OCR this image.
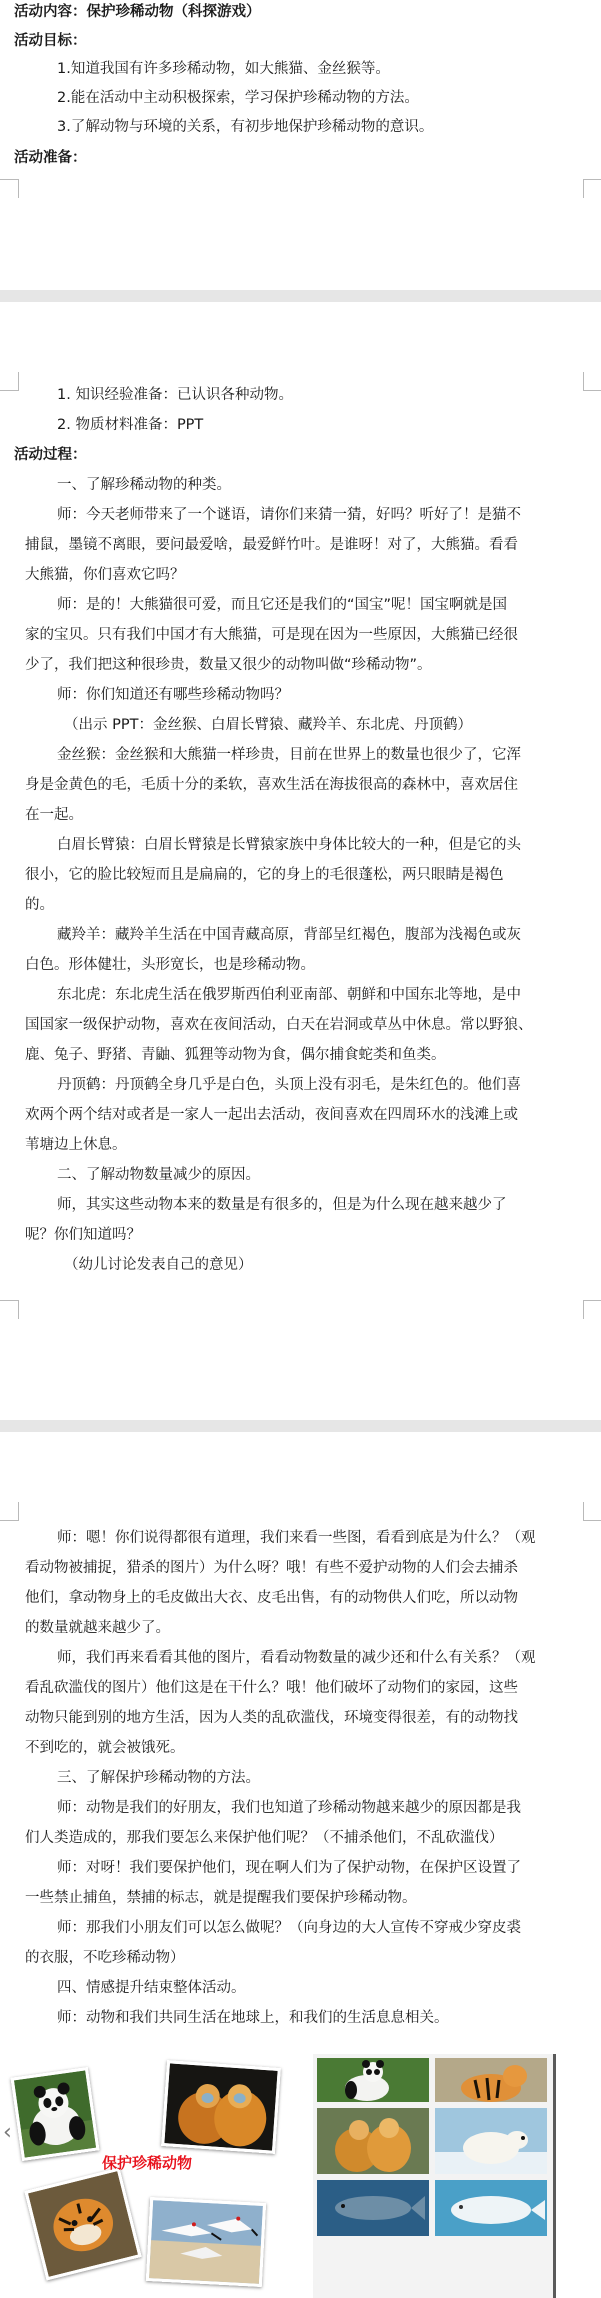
活动内容：保护珍稀动物（科探游戏）
活动目标：
1.知道我国有许多珍稀动物，如大熊猫、金丝猴等。
2.能在活动中主动积极探索，学习保护珍稀动物的方法。
3.了解动物与环境的关系，有初步地保护珍稀动物的意识。
活动准备：
1. 知识经验准备：已认识各种动物。
2. 物质材料准备：PPT
活动过程：
一、了解珍稀动物的种类。
师：今天老师带来了一个谜语，请你们来猜一猜，好吗？听好了！是猫不
捕鼠，墨镜不离眼，要问最爱啥，最爱鲜竹叶。是谁呀！对了，大熊猫。看看
大熊猫，你们喜欢它吗？
师：是的！大熊猫很可爱，而且它还是我们的“国宝”呢！国宝啊就是国
家的宝贝。只有我们中国才有大熊猫，可是现在因为一些原因，大熊猫已经很
少了，我们把这种很珍贵，数量又很少的动物叫做“珍稀动物”。
师：你们知道还有哪些珍稀动物吗？
（出示 PPT：金丝猴、白眉长臂猿、藏羚羊、东北虎、丹顶鹤）
金丝猴：金丝猴和大熊猫一样珍贵，目前在世界上的数量也很少了，它浑
身是金黄色的毛，毛质十分的柔软，喜欢生活在海拔很高的森林中，喜欢居住
在一起。
白眉长臂猿：白眉长臂猿是长臂猿家族中身体比较大的一种，但是它的头
很小，它的脸比较短而且是扁扁的，它的身上的毛很蓬松，两只眼睛是褐色
的。
藏羚羊：藏羚羊生活在中国青藏高原，背部呈红褐色，腹部为浅褐色或灰
白色。形体健壮，头形宽长，也是珍稀动物。
东北虎：东北虎生活在俄罗斯西伯利亚南部、朝鲜和中国东北等地，是中
国国家一级保护动物，喜欢在夜间活动，白天在岩洞或草丛中休息。常以野狼、
鹿、兔子、野猪、青鼬、狐狸等动物为食，偶尔捕食蛇类和鱼类。
丹顶鹤：丹顶鹤全身几乎是白色，头顶上没有羽毛，是朱红色的。他们喜
欢两个两个结对或者是一家人一起出去活动，夜间喜欢在四周环水的浅滩上或
苇塘边上休息。
二、了解动物数量减少的原因。
师，其实这些动物本来的数量是有很多的，但是为什么现在越来越少了
呢？你们知道吗？
（幼儿讨论发表自己的意见）
师：嗯！你们说得都很有道理，我们来看一些图，看看到底是为什么？（观
看动物被捕捉，猎杀的图片）为什么呀？哦！有些不爱护动物的人们会去捕杀
他们，拿动物身上的毛皮做出大衣、皮毛出售，有的动物供人们吃，所以动物
的数量就越来越少了。
师，我们再来看看其他的图片，看看动物数量的减少还和什么有关系？（观
看乱砍滥伐的图片）他们这是在干什么？哦！他们破坏了动物们的家园，这些
动物只能到别的地方生活，因为人类的乱砍滥伐，环境变得很差，有的动物找
不到吃的，就会被饿死。
三、了解保护珍稀动物的方法。
师：动物是我们的好朋友，我们也知道了珍稀动物越来越少的原因都是我
们人类造成的，那我们要怎么来保护他们呢？（不捕杀他们，不乱砍滥伐）
师：对呀！我们要保护他们，现在啊人们为了保护动物，在保护区设置了
一些禁止捕鱼，禁捕的标志，就是提醒我们要保护珍稀动物。
师：那我们小朋友们可以怎么做呢？（向身边的大人宣传不穿戒少穿皮裘
的衣服，不吃珍稀动物）
四、情感提升结束整体活动。
师：动物和我们共同生活在地球上，和我们的生活息息相关。
‹
保护珍稀动物
